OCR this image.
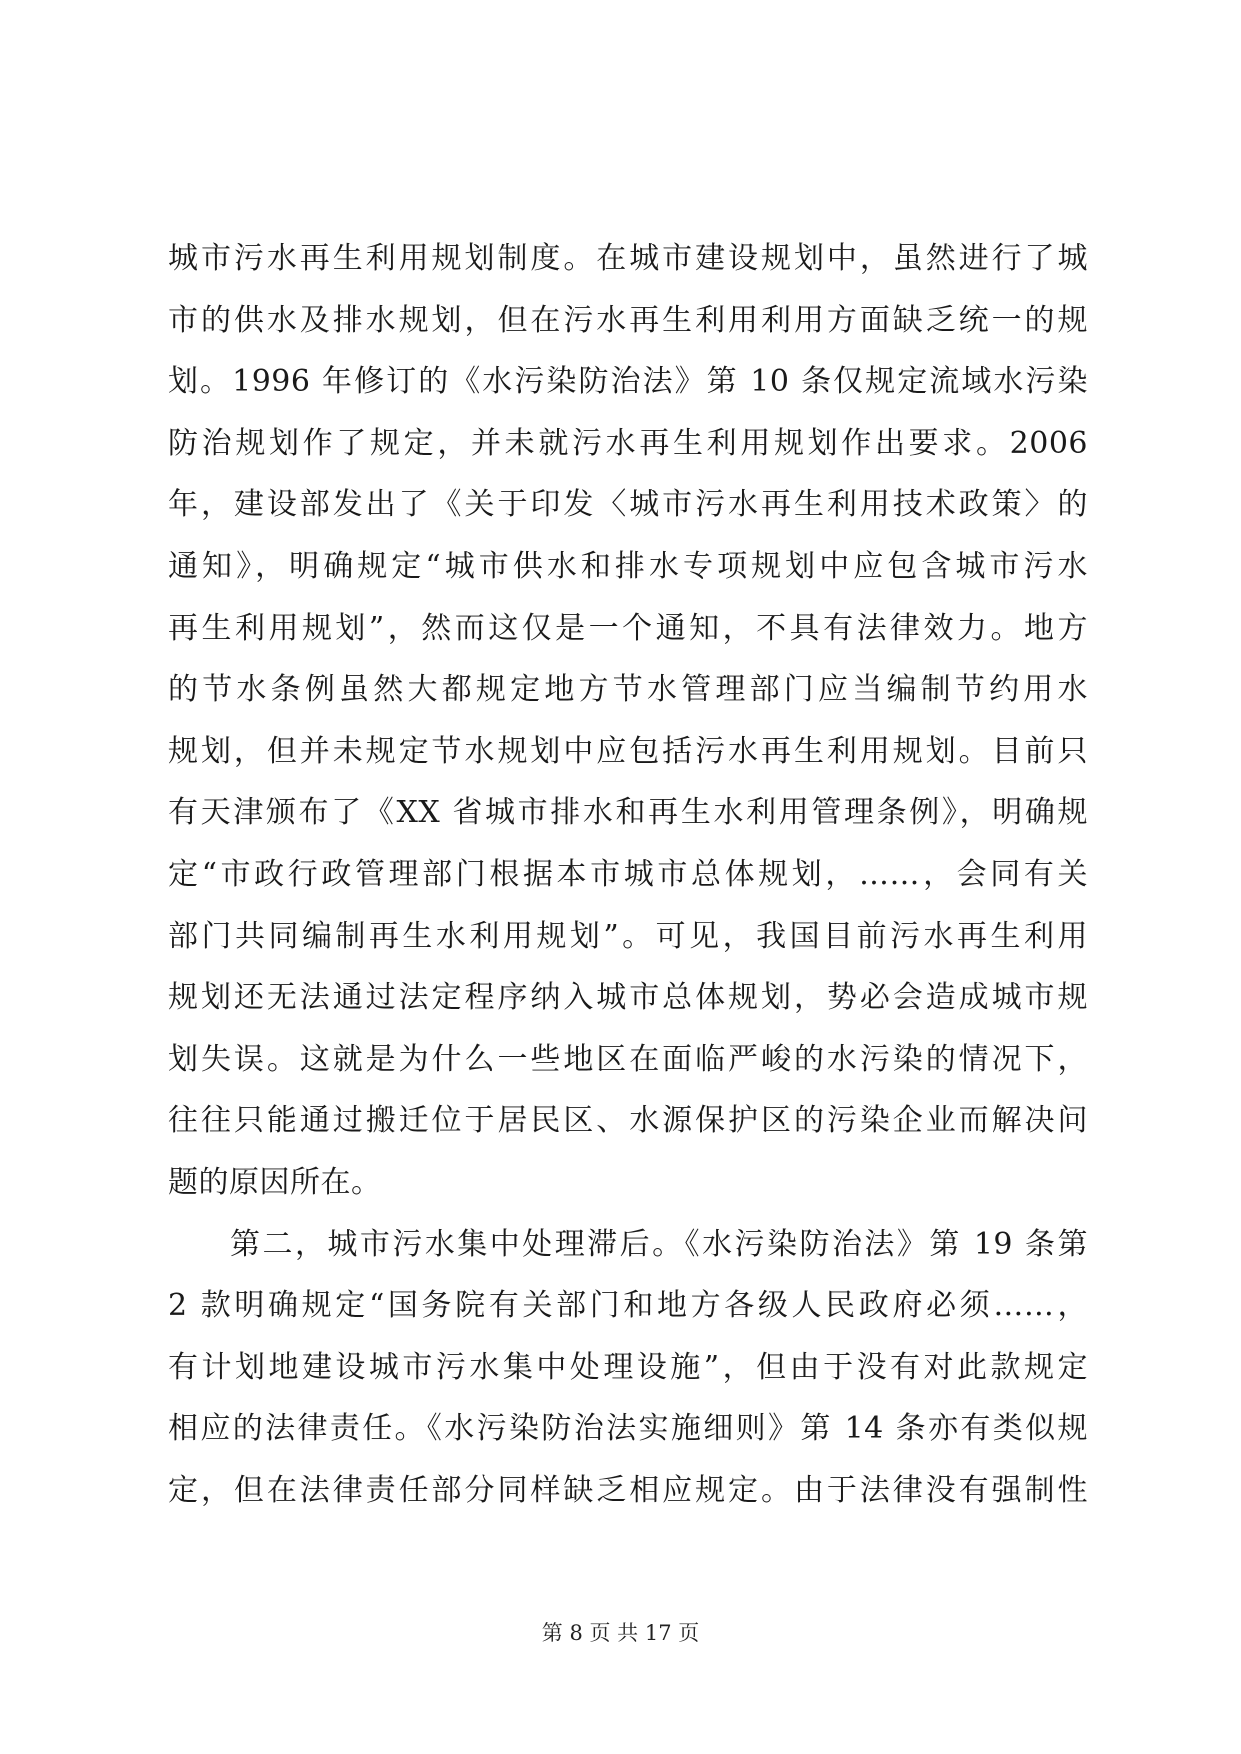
城市污水再生利用规划制度。在城市建设规划中，虽然进行了城
市的供水及排水规划，但在污水再生利用利用方面缺乏统一的规
划。1996 年修订的《水污染防治法》第 10 条仅规定流域水污染
防治规划作了规定，并未就污水再生利用规划作出要求。2006
年，建设部发出了《关于印发〈城市污水再生利用技术政策〉的
通知》，明确规定“城市供水和排水专项规划中应包含城市污水
再生利用规划”，然而这仅是一个通知，不具有法律效力。地方
的节水条例虽然大都规定地方节水管理部门应当编制节约用水
规划，但并未规定节水规划中应包括污水再生利用规划。目前只
有天津颁布了《XX 省城市排水和再生水利用管理条例》，明确规
定“市政行政管理部门根据本市城市总体规划，……，会同有关
部门共同编制再生水利用规划”。可见，我国目前污水再生利用
规划还无法通过法定程序纳入城市总体规划，势必会造成城市规
划失误。这就是为什么一些地区在面临严峻的水污染的情况下，
往往只能通过搬迁位于居民区、水源保护区的污染企业而解决问
题的原因所在。
第二，城市污水集中处理滞后。《水污染防治法》第 19 条第
2 款明确规定“国务院有关部门和地方各级人民政府必须……，
有计划地建设城市污水集中处理设施”，但由于没有对此款规定
相应的法律责任。《水污染防治法实施细则》第 14 条亦有类似规
定，但在法律责任部分同样缺乏相应规定。由于法律没有强制性
第 8 页 共 17 页
